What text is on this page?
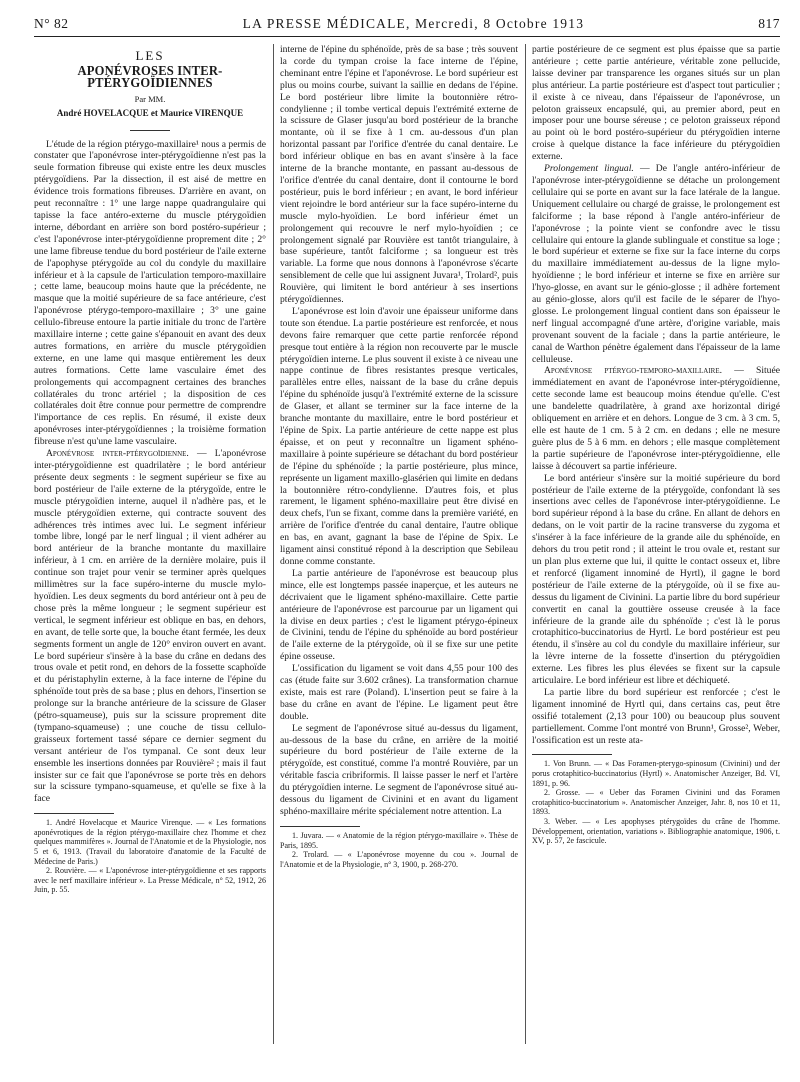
N° 82	LA PRESSE MÉDICALE, Mercredi, 8 Octobre 1913	817
LES
APONÉVROSES INTER-PTÉRYGOÏDIENNES
Par MM.
André HOVELACQUE et Maurice VIRENQUE

L'étude de la région ptérygo-maxillaire¹ nous a permis de constater que l'aponévrose inter-ptérygoïdienne n'est pas la seule formation fibreuse qui existe entre les deux muscles ptérygoïdiens. Par la dissection, il est aisé de mettre en évidence trois formations fibreuses. D'arrière en avant, on peut reconnaître : 1° une large nappe quadrangulaire qui tapisse la face antéro-externe du muscle ptérygoïdien interne, débordant en arrière son bord postéro-supérieur ; c'est l'aponévrose inter-ptérygoïdienne proprement dite ; 2° une lame fibreuse tendue du bord postérieur de l'aile externe de l'apophyse ptérygoïde au col du condyle du maxillaire inférieur et à la capsule de l'articulation temporo-maxillaire ; cette lame, beaucoup moins haute que la précédente, ne masque que la moitié supérieure de sa face antérieure, c'est l'aponévrose ptérygo-temporo-maxillaire ; 3° une gaine cellulo-fibreuse entoure la partie initiale du tronc de l'artère maxillaire interne ; cette gaine s'épanouit en avant des deux autres formations, en arrière du muscle ptérygoïdien externe, en une lame qui masque entièrement les deux autres formations. Cette lame vasculaire émet des prolongements qui accompagnent certaines des branches collatérales du tronc artériel ; la disposition de ces collatérales doit être connue pour permettre de comprendre l'importance de ces replis. En résumé, il existe deux aponévroses inter-ptérygoïdiennes ; la troisième formation fibreuse n'est qu'une lame vasculaire.

Aponévrose inter-ptérygoïdienne. — L'aponévrose inter-ptérygoïdienne est quadrilatère ; le bord antérieur présente deux segments : le segment supérieur se fixe au bord postérieur de l'aile externe de la ptérygoïde, entre le muscle ptérygoïdien interne, auquel il n'adhère pas, et le muscle ptérygoïdien externe, qui contracte souvent des adhérences très intimes avec lui. Le segment inférieur tombe libre, longé par le nerf lingual ; il vient adhérer au bord antérieur de la branche montante du maxillaire inférieur, à 1 cm. en arrière de la dernière molaire, puis il continue son trajet pour venir se terminer après quelques millimètres sur la face supéro-interne du muscle mylo-hyoïdien. Les deux segments du bord antérieur ont à peu de chose près la même longueur ; le segment supérieur est vertical, le segment inférieur est oblique en bas, en dehors, en avant, de telle sorte que, la bouche étant fermée, les deux segments forment un angle de 120° environ ouvert en avant. Le bord supérieur s'insère à la base du crâne en dedans des trous ovale et petit rond, en dehors de la fossette scaphoïde et du péristaphylin externe, à la face interne de l'épine du sphénoïde tout près de sa base ; plus en dehors, l'insertion se prolonge sur la branche antérieure de la scissure de Glaser (pétro-squameuse), puis sur la scissure proprement dite (tympano-squameuse) ; une couche de tissu cellulo-graisseux fortement tassé sépare ce dernier segment du versant antérieur de l'os tympanal. Ce sont deux leur ensemble les insertions données par Rouvière² ; mais il faut insister sur ce fait que l'aponévrose se porte très en dehors sur la scissure tympano-squameuse, et qu'elle se fixe à la face

1. André Hovelacque et Maurice Virenque. — « Les formations aponévrotiques de la région ptérygo-maxillaire chez l'homme et chez quelques mammifères ». Journal de l'Anatomie et de la Physiologie, nos 5 et 6, 1913. (Travail du laboratoire d'anatomie de la Faculté de Médecine de Paris.)

2. Rouvière. — « L'aponévrose inter-ptérygoïdienne et ses rapports avec le nerf maxillaire inférieur ». La Presse Médicale, n° 52, 1912, 26 Juin, p. 55.

interne de l'épine du sphénoïde, près de sa base ; très souvent la corde du tympan croise la face interne de l'épine, cheminant entre l'épine et l'aponévrose. Le bord supérieur est plus ou moins courbe, suivant la saillie en dedans de l'épine. Le bord postérieur libre limite la boutonnière rétro-condylienne ; il tombe vertical depuis l'extrémité externe de la scissure de Glaser jusqu'au bord postérieur de la branche montante, où il se fixe à 1 cm. au-dessous d'un plan horizontal passant par l'orifice d'entrée du canal dentaire. Le bord inférieur oblique en bas en avant s'insère à la face interne de la branche montante, en passant au-dessous de l'orifice d'entrée du canal dentaire, dont il contourne le bord postérieur, puis le bord inférieur ; en avant, le bord inférieur vient rejoindre le bord antérieur sur la face supéro-interne du muscle mylo-hyoïdien. Le bord inférieur émet un prolongement qui recouvre le nerf mylo-hyoïdien ; ce prolongement signalé par Rouvière est tantôt triangulaire, à base supérieure, tantôt falciforme ; sa longueur est très variable. La forme que nous donnons à l'aponévrose s'écarte sensiblement de celle que lui assignent Juvara¹, Trolard², puis Rouvière, qui limitent le bord antérieur à ses insertions ptérygoïdiennes.

L'aponévrose est loin d'avoir une épaisseur uniforme dans toute son étendue. La partie postérieure est renforcée, et nous devons faire remarquer que cette partie renforcée répond presque tout entière à la région non recouverte par le muscle ptérygoïdien interne. Le plus souvent il existe à ce niveau une nappe continue de fibres resistantes presque verticales, parallèles entre elles, naissant de la base du crâne depuis l'épine du sphénoïde jusqu'à l'extrémité externe de la scissure de Glaser, et allant se terminer sur la face interne de la branche montante du maxillaire, entre le bord postérieur et l'épine de Spix. La partie antérieure de cette nappe est plus épaisse, et on peut y reconnaître un ligament sphéno-maxillaire à pointe supérieure se détachant du bord postérieur de l'épine du sphénoïde ; la partie postérieure, plus mince, représente un ligament maxillo-glasérien qui limite en dedans la boutonnière rétro-condylienne. D'autres fois, et plus rarement, le ligament sphéno-maxillaire peut être divisé en deux chefs, l'un se fixant, comme dans la première variété, en arrière de l'orifice d'entrée du canal dentaire, l'autre oblique en bas, en avant, gagnant la base de l'épine de Spix. Le ligament ainsi constitué répond à la description que Sebileau donne comme constante.

La partie antérieure de l'aponévrose est beaucoup plus mince, elle est longtemps passée inaperçue, et les auteurs ne décrivaient que le ligament sphéno-maxillaire. Cette partie antérieure de l'aponévrose est parcourue par un ligament qui la divise en deux parties ; c'est le ligament ptérygo-épineux de Civinini, tendu de l'épine du sphénoïde au bord postérieur de l'aile externe de la ptérygoïde, où il se fixe sur une petite épine osseuse.

L'ossification du ligament se voit dans 4,55 pour 100 des cas (étude faite sur 3.602 crânes). La transformation charnue existe, mais est rare (Poland). L'insertion peut se faire à la base du crâne en avant de l'épine. Le ligament peut être double.

Le segment de l'aponévrose situé au-dessus du ligament, au-dessous de la base du crâne, en arrière de la moitié supérieure du bord postérieur de l'aile externe de la ptérygoïde, est constitué, comme l'a montré Rouvière, par un véritable fascia cribriformis. Il laisse passer le nerf et l'artère du ptérygoïdien interne. Le segment de l'aponévrose situé au-dessous du ligament de Civinini et en avant du ligament sphéno-maxillaire mérite spécialement notre attention. La

1. Juvara. — « Anatomie de la région ptérygo-maxillaire ». Thèse de Paris, 1895.

2. Trolard. — « L'aponévrose moyenne du cou ». Journal de l'Anatomie et de la Physiologie, n° 3, 1900, p. 268-270.

partie postérieure de ce segment est plus épaisse que sa partie antérieure ; cette partie antérieure, véritable zone pellucide, laisse deviner par transparence les organes situés sur un plan plus antérieur. La partie postérieure est d'aspect tout particulier ; il existe à ce niveau, dans l'épaisseur de l'aponévrose, un peloton graisseux encapsulé, qui, au premier abord, peut en imposer pour une bourse séreuse ; ce peloton graisseux répond au point où le bord postéro-supérieur du ptérygoïdien interne croise à quelque distance la face inférieure du ptérygoïdien externe.

Prolongement lingual. — De l'angle antéro-inférieur de l'aponévrose inter-ptérygoïdienne se détache un prolongement cellulaire qui se porte en avant sur la face latérale de la langue. Uniquement cellulaire ou chargé de graisse, le prolongement est falciforme ; la base répond à l'angle antéro-inférieur de l'aponévrose ; la pointe vient se confondre avec le tissu cellulaire qui entoure la glande sublinguale et constitue sa loge ; le bord supérieur et externe se fixe sur la face interne du corps du maxillaire immédiatement au-dessus de la ligne mylo-hyoïdienne ; le bord inférieur et interne se fixe en arrière sur l'hyo-glosse, en avant sur le génio-glosse ; il adhère fortement au génio-glosse, alors qu'il est facile de le séparer de l'hyo-glosse. Le prolongement lingual contient dans son épaisseur le nerf lingual accompagné d'une artère, d'origine variable, mais provenant souvent de la faciale ; dans la partie antérieure, le canal de Warthon pénètre également dans l'épaisseur de la lame celluleuse.

Aponévrose ptérygo-temporo-maxillaire. — Située immédiatement en avant de l'aponévrose inter-ptérygoïdienne, cette seconde lame est beaucoup moins étendue qu'elle. C'est une bandelette quadrilatère, à grand axe horizontal dirigé obliquement en arrière et en dehors. Longue de 3 cm. à 3 cm. 5, elle est haute de 1 cm. 5 à 2 cm. en dedans ; elle ne mesure guère plus de 5 à 6 mm. en dehors ; elle masque complètement la partie supérieure de l'aponévrose inter-ptérygoïdienne, elle laisse à découvert sa partie inférieure.

Le bord antérieur s'insère sur la moitié supérieure du bord postérieur de l'aile externe de la ptérygoïde, confondant là ses insertions avec celles de l'aponévrose inter-ptérygoïdienne. Le bord supérieur répond à la base du crâne. En allant de dehors en dedans, on le voit partir de la racine transverse du zygoma et s'insérer à la face inférieure de la grande aile du sphénoïde, en dehors du trou petit rond ; il atteint le trou ovale et, restant sur un plan plus externe que lui, il quitte le contact osseux et, libre et renforcé (ligament innominé de Hyrtl), il gagne le bord postérieur de l'aile externe de la ptérygoïde, où il se fixe au-dessus du ligament de Civinini. La partie libre du bord supérieur convertit en canal la gouttière osseuse creusée à la face inférieure de la grande aile du sphénoïde ; c'est là le porus crotaphitico-buccinatorius de Hyrtl. Le bord postérieur est peu étendu, il s'insère au col du condyle du maxillaire inférieur, sur la lèvre interne de la fossette d'insertion du ptérygoïdien externe. Les fibres les plus élevées se fixent sur la capsule articulaire. Le bord inférieur est libre et déchiqueté.

La partie libre du bord supérieur est renforcée ; c'est le ligament innominé de Hyrtl qui, dans certains cas, peut être ossifié totalement (2,13 pour 100) ou beaucoup plus souvent partiellement. Comme l'ont montré von Brunn¹, Grosse², Weber, l'ossification est un reste ata-

1. Von Brunn. — « Das Foramen-pterygo-spinosum (Civinini) und der porus crotaphitico-buccinatorius (Hyrtl) ». Anatomischer Anzeiger, Bd. VI, 1891, p. 96.

2. Grosse. — « Ueber das Foramen Civinini und das Foramen crotaphitico-buccinatorium ». Anatomischer Anzeiger, Jahr. 8, nos 10 et 11, 1893.

3. Weber. — « Les apophyses ptérygoïdes du crâne de l'homme. Développement, orientation, variations ». Bibliographie anatomique, 1906, t. XV, p. 57, 2e fascicule.
